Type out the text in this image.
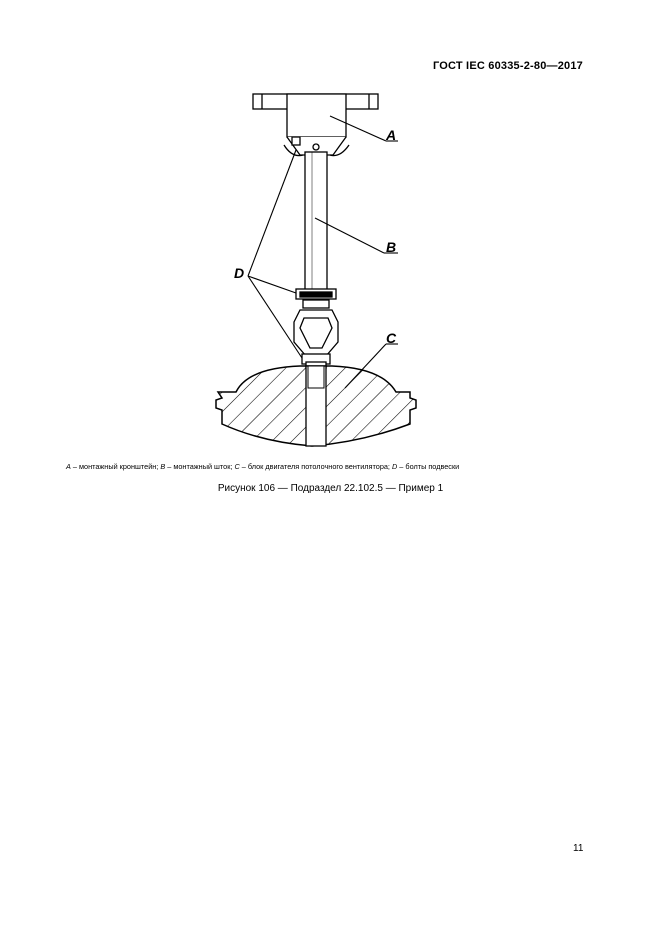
ГОСТ IEC 60335-2-80—2017
A
B
C
D
A – монтажный кронштейн; B – монтажный шток; C – блок двигателя потолочного вентилятора; D – болты подвески
Рисунок 106 — Подраздел 22.102.5 — Пример 1
11
